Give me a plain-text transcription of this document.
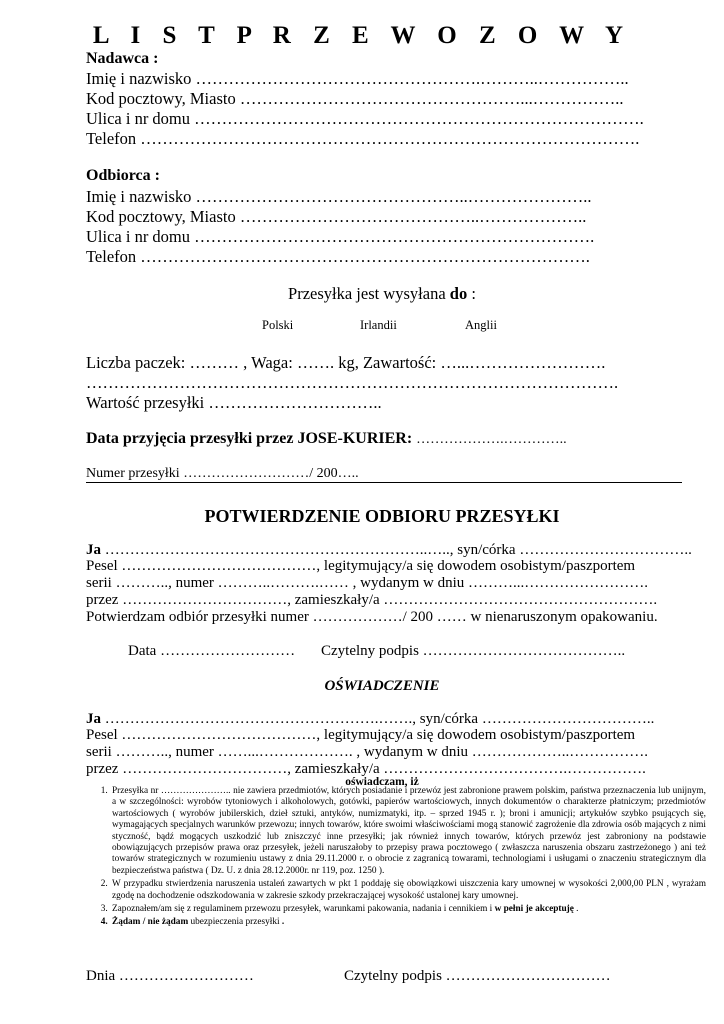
L I S T P R Z E W O Z O W Y
Nadawca :
Imię i nazwisko …………………………………………….………..……………..
Kod pocztowy, Miasto ……………………………………………...……………..
Ulica i nr domu ……………………………………………………………………….
Telefon ……………………………………………………………………………….
Odbiorca :
Imię i nazwisko …………………………………………..…………………..
Kod pocztowy, Miasto ……………………………………..………………..
Ulica i nr domu ……………………………………………………………….
Telefon ……………………………………………………………………….
Przesyłka jest wysyłana do :
Polski	Irlandii	Anglii
Liczba paczek: ……… , Waga: ……. kg, Zawartość: …...…………………….
…………………………………………………………………………………….
Wartość przesyłki …………………………..
Data przyjęcia przesyłki przez JOSE-KURIER: ……………….…………..
Numer przesyłki ………………………/ 200…..
POTWIERDZENIE ODBIORU PRZESYŁKI
Ja ………………………………………………………..….., syn/córka ……………………………..
Pesel …………………………………, legitymujący/a się dowodem osobistym/paszportem
serii ……….., numer ………..……….…… , wydanym w dniu ………...…………………….
przez ……………………………, zamieszkały/a ……………………………………………….
Potwierdzam odbiór przesyłki numer ………………/ 200 …… w nienaruszonym opakowaniu.
Data ……………………… Czytelny podpis …………………………………..
OŚWIADCZENIE
Ja ……………………………………………….……., syn/córka ……………………………..
Pesel …………………………………, legitymujący/a się dowodem osobistym/paszportem
serii ……….., numer ……...………………. , wydanym w dniu ………………..…………….
przez ……………………………, zamieszkały/a ……………………………….…………….
oświadczam, iż
1. Przesyłka nr ………………….. nie zawiera przedmiotów, których posiadanie i przewóz jest zabronione prawem polskim, państwa przeznaczenia lub unijnym, a w szczególności: wyrobów tytoniowych i alkoholowych, gotówki, papierów wartościowych, innych dokumentów o charakterze płatniczym; przedmiotów wartościowych ( wyrobów jubilerskich, dzieł sztuki, antyków, numizmatyki, itp. – sprzed 1945 r. ); broni i amunicji; artykułów szybko psujących się, wymagających specjalnych warunków przewozu; innych towarów, które swoimi właściwościami mogą stanowić zagrożenie dla zdrowia osób mających z nimi styczność, bądź mogących uszkodzić lub zniszczyć inne przesyłki; jak również innych towarów, których przewóz jest zabroniony na podstawie obowiązujących przepisów prawa oraz przesyłek, jeżeli naruszałoby to przepisy prawa pocztowego ( zwłaszcza naruszenia obszaru zastrzeżonego ) ani też towarów strategicznych w rozumieniu ustawy z dnia 29.11.2000 r. o obrocie z zagranicą towarami, technologiami i usługami o znaczeniu strategicznym dla bezpieczeństwa państwa ( Dz. U. z dnia 28.12.2000r. nr 119, poz. 1250 ).
2. W przypadku stwierdzenia naruszenia ustaleń zawartych w pkt 1 poddaję się obowiązkowi uiszczenia kary umownej w wysokości 2,000,00 PLN , wyrażam zgodę na dochodzenie odszkodowania w zakresie szkody przekraczającej wysokość ustalonej kary umownej.
3. Zapoznałem/am się z regulaminem przewozu przesyłek, warunkami pakowania, nadania i cennikiem i w pełni je akceptuję .
4. Żądam / nie żądam ubezpieczenia przesyłki .
Dnia ………………………	Czytelny podpis ……………………………
